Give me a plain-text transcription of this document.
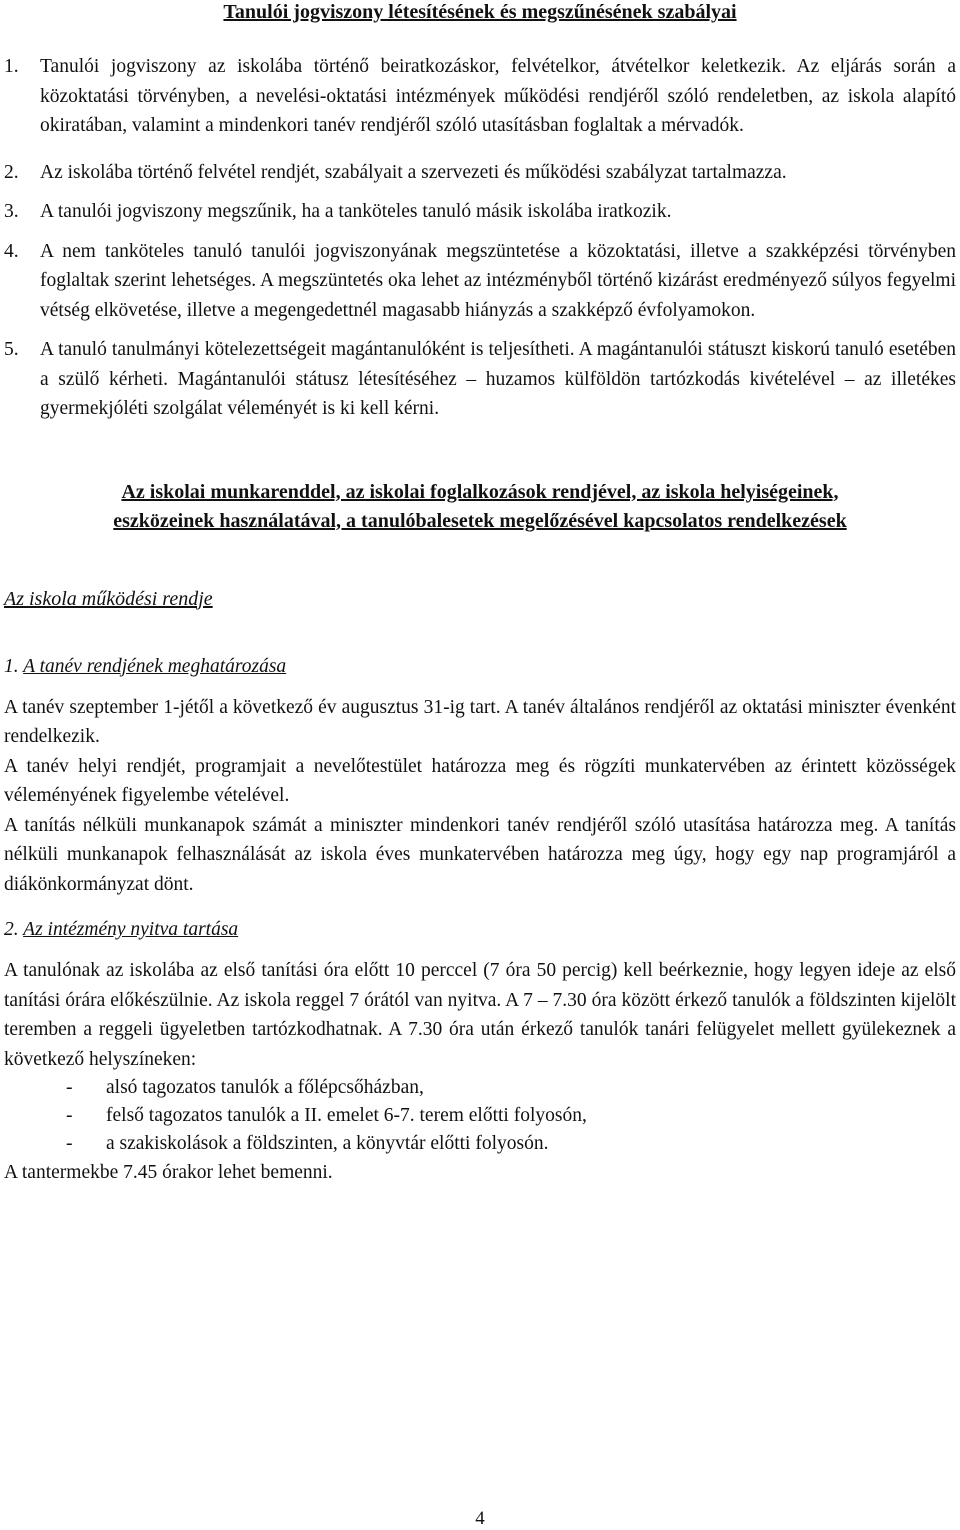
Tanulói jogviszony létesítésének és megszűnésének szabályai
1.	Tanulói jogviszony az iskolába történő beiratkozáskor, felvételkor, átvételkor keletkezik. Az eljárás során a közoktatási törvényben, a nevelési-oktatási intézmények működési rendjéről szóló rendeletben, az iskola alapító okiratában, valamint a mindenkori tanév rendjéről szóló utasításban foglaltak a mérvadók.
2.	Az iskolába történő felvétel rendjét, szabályait a szervezeti és működési szabályzat tartalmazza.
3.	A tanulói jogviszony megszűnik, ha a tanköteles tanuló másik iskolába iratkozik.
4.	A nem tanköteles tanuló tanulói jogviszonyának megszüntetése a közoktatási, illetve a szakképzési törvényben foglaltak szerint lehetséges. A megszüntetés oka lehet az intézményből történő kizárást eredményező súlyos fegyelmi vétség elkövetése, illetve a megengedettnél magasabb hiányzás a szakképző évfolyamokon.
5.	A tanuló tanulmányi kötelezettségeit magántanulóként is teljesítheti. A magántanulói státuszt kiskorú tanuló esetében a szülő kérheti. Magántanulói státusz létesítéséhez – huzamos külföldön tartózkodás kivételével – az illetékes gyermekjóléti szolgálat véleményét is ki kell kérni.
Az iskolai munkarenddel, az iskolai foglalkozások rendjével, az iskola helyiségeinek,
eszközeinek használatával, a tanulóbalesetek megelőzésével kapcsolatos rendelkezések
Az iskola működési rendje
1. A tanév rendjének meghatározása

A tanév szeptember 1-jétől a következő év augusztus 31-ig tart. A tanév általános rendjéről az oktatási miniszter évenként rendelkezik.

A tanév helyi rendjét, programjait a nevelőtestület határozza meg és rögzíti munkatervében az érintett közösségek véleményének figyelembe vételével.

A tanítás nélküli munkanapok számát a miniszter mindenkori tanév rendjéről szóló utasítása határozza meg. A tanítás nélküli munkanapok felhasználását az iskola éves munkatervében határozza meg úgy, hogy egy nap programjáról a diákönkormányzat dönt.

2. Az intézmény nyitva tartása

A tanulónak az iskolába az első tanítási óra előtt 10 perccel (7 óra 50 percig) kell beérkeznie, hogy legyen ideje az első tanítási órára előkészülnie. Az iskola reggel 7 órától van nyitva. A 7 – 7.30 óra között érkező tanulók a földszinten kijelölt teremben a reggeli ügyeletben tartózkodhatnak. A 7.30 óra után érkező tanulók tanári felügyelet mellett gyülekeznek a következő helyszíneken:

-	alsó tagozatos tanulók a főlépcsőházban,
-	felső tagozatos tanulók a II. emelet 6-7. terem előtti folyosón,
-	a szakiskolások a földszinten, a könyvtár előtti folyosón.

A tantermekbe 7.45 órakor lehet bemenni.

4
